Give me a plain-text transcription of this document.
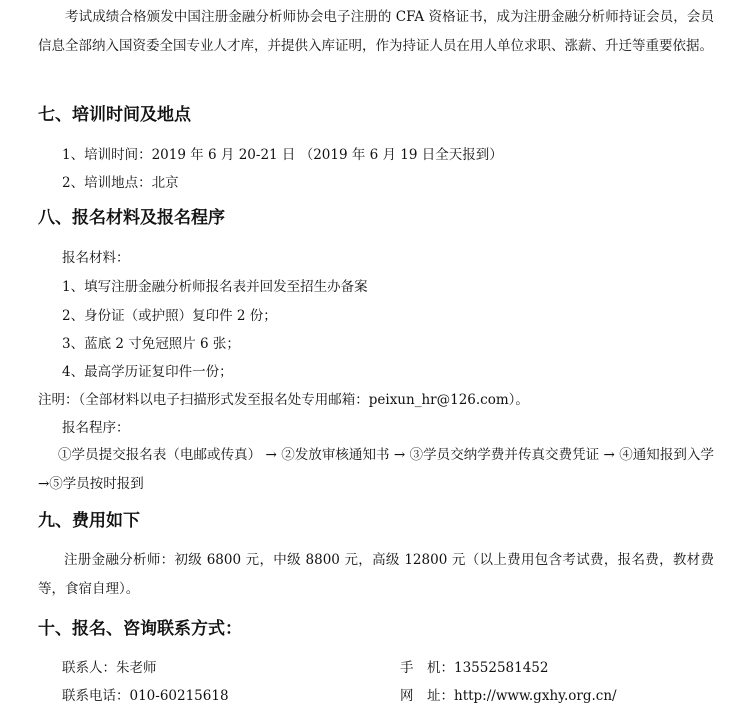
考试成绩合格颁发中国注册金融分析师协会电子注册的 CFA 资格证书，成为注册金融分析师持证会员，会员信息全部纳入国资委全国专业人才库，并提供入库证明，作为持证人员在用人单位求职、涨薪、升迁等重要依据。
七、培训时间及地点
1、培训时间：2019 年 6 月 20-21 日 （2019 年 6 月 19 日全天报到）
2、培训地点：北京
八、报名材料及报名程序
报名材料：
1、填写注册金融分析师报名表并回发至招生办备案
2、身份证（或护照）复印件 2 份；
3、蓝底 2 寸免冠照片 6 张；
4、最高学历证复印件一份；
注明：（全部材料以电子扫描形式发至报名处专用邮箱：peixun_hr@126.com）。
报名程序：
①学员提交报名表（电邮或传真） → ②发放审核通知书 → ③学员交纳学费并传真交费凭证 → ④通知报到入学→⑤学员按时报到
九、费用如下
注册金融分析师：初级 6800 元，中级 8800 元，高级 12800 元（以上费用包含考试费，报名费，教材费等，食宿自理）。
十、报名、咨询联系方式：
联系人：朱老师	手　机：13552581452
联系电话：010-60215618	网　址：http://www.gxhy.org.cn/
